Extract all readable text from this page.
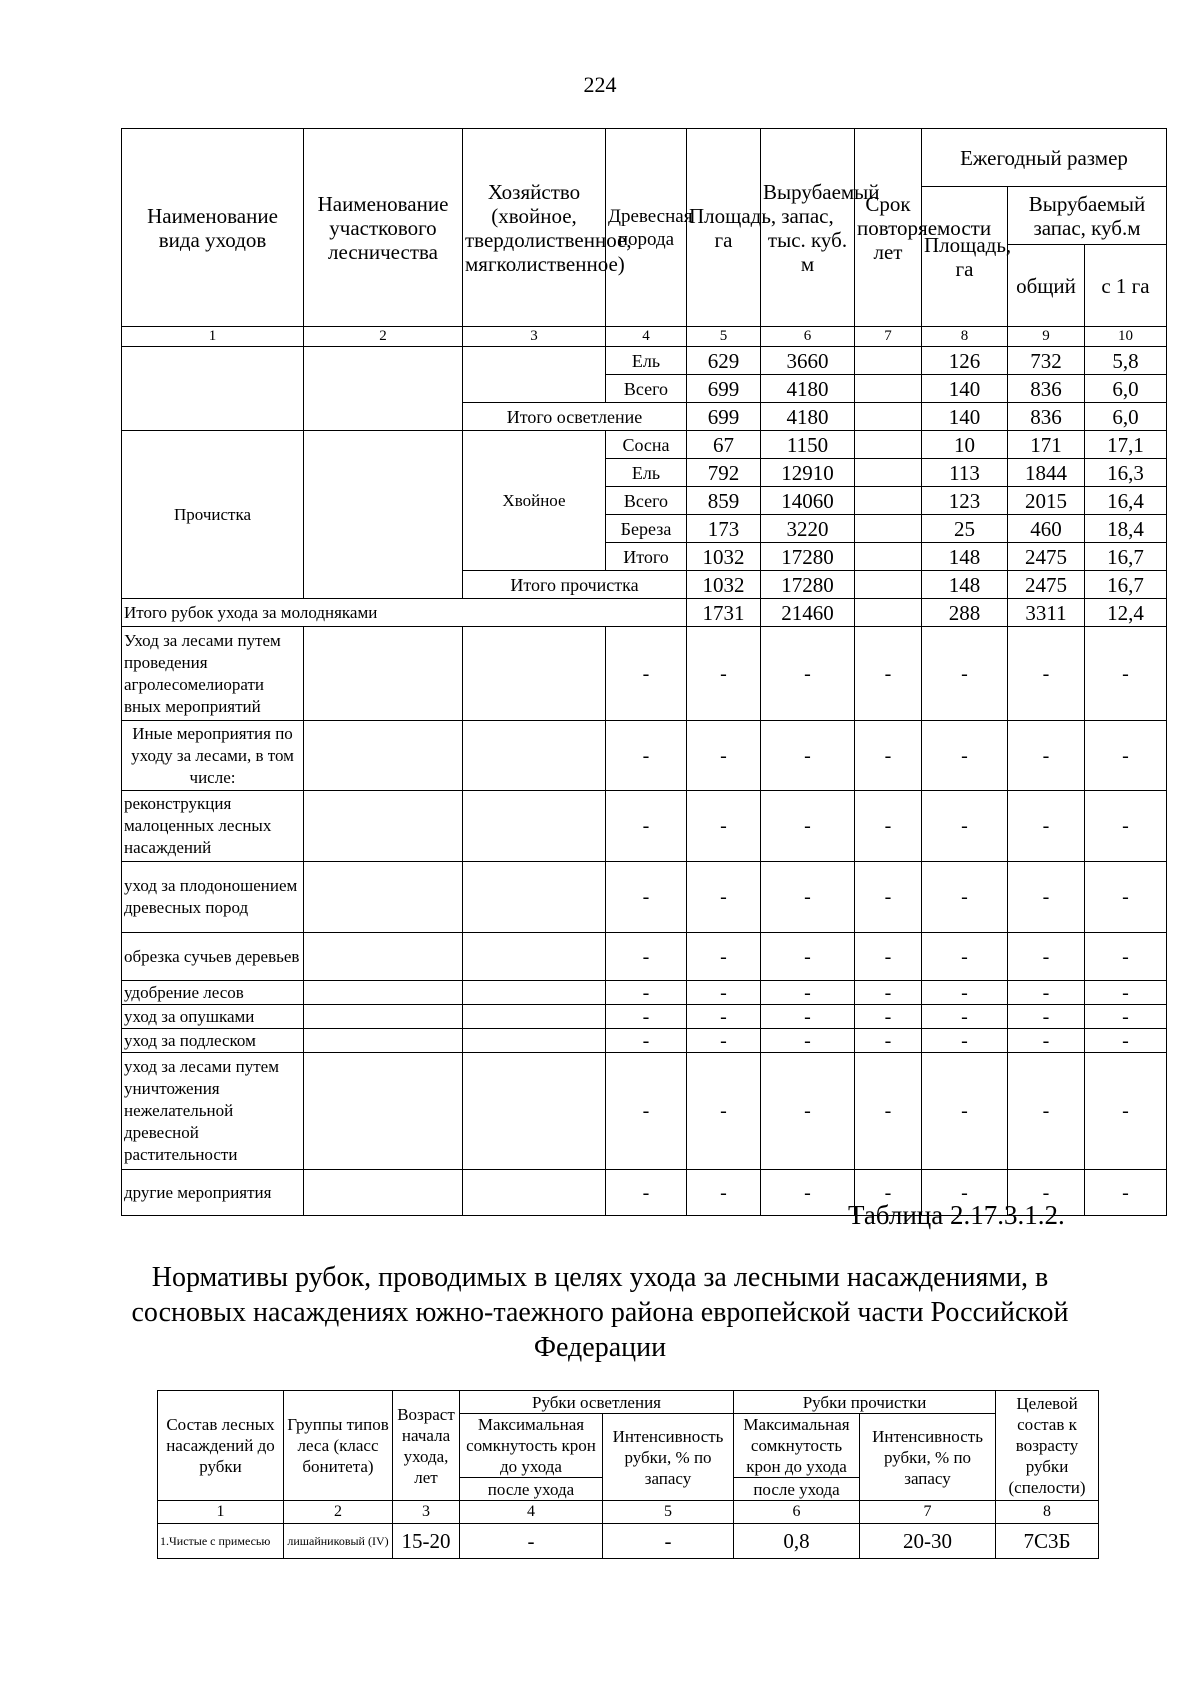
224
Наименование вида уходов	Наименование участкового лесничества	Хозяйство (хвойное, твердолиственное, мягколиственное)	Древесная порода	Площадь, га	Вырубаемый запас, тыс. куб. м	Срок повторяемости лет	Ежегодный размер		
							Площадь, га	Вырубаемый запас, куб.м	
								общий	с 1 га
1	2	3	4	5	6	7	8	9	10
			Ель	629	3660		126	732	5,8
			Всего	699	4180		140	836	6,0
		Итого осветление		699	4180		140	836	6,0
Прочистка		Хвойное	Сосна	67	1150		10	171	17,1
			Ель	792	12910		113	1844	16,3
			Всего	859	14060		123	2015	16,4
			Береза	173	3220		25	460	18,4
			Итого	1032	17280		148	2475	16,7
		Итого прочистка		1032	17280		148	2475	16,7
Итого рубок ухода за молодняками				1731	21460		288	3311	12,4
Уход за лесами путем проведения агролесомелиорати вных мероприятий			-	-	-	-	-	-	-
Иные мероприятия по уходу за лесами, в том числе:			-	-	-	-	-	-	-
реконструкция малоценных лесных насаждений			-	-	-	-	-	-	-
уход за плодоношением древесных пород			-	-	-	-	-	-	-
обрезка сучьев деревьев			-	-	-	-	-	-	-
удобрение лесов			-	-	-	-	-	-	-
уход за опушками			-	-	-	-	-	-	-
уход за подлеском			-	-	-	-	-	-	-
уход за лесами путем уничтожения нежелательной древесной растительности			-	-	-	-	-	-	-
другие мероприятия			-	-	-	-	-	-	-
Таблица 2.17.3.1.2.
Нормативы рубок, проводимых в целях ухода за лесными насаждениями, в сосновых насаждениях южно-таежного района европейской части Российской Федерации
Состав лесных насаждений до рубки	Группы типов леса (класс бонитета)	Возраст начала ухода, лет	Рубки осветления		Рубки прочистки		Целевой состав к возрасту рубки (спелости)
			Максимальная сомкнутость крон до ухода	Интенсивность рубки, % по запасу	Максимальная сомкнутость крон до ухода	Интенсивность рубки, % по запасу	
			после ухода		после ухода		
1	2	3	4	5	6	7	8
1.Чистые с примесью	лишайниковый (IV)	15-20	-	-	0,8	20-30	7С3Б
